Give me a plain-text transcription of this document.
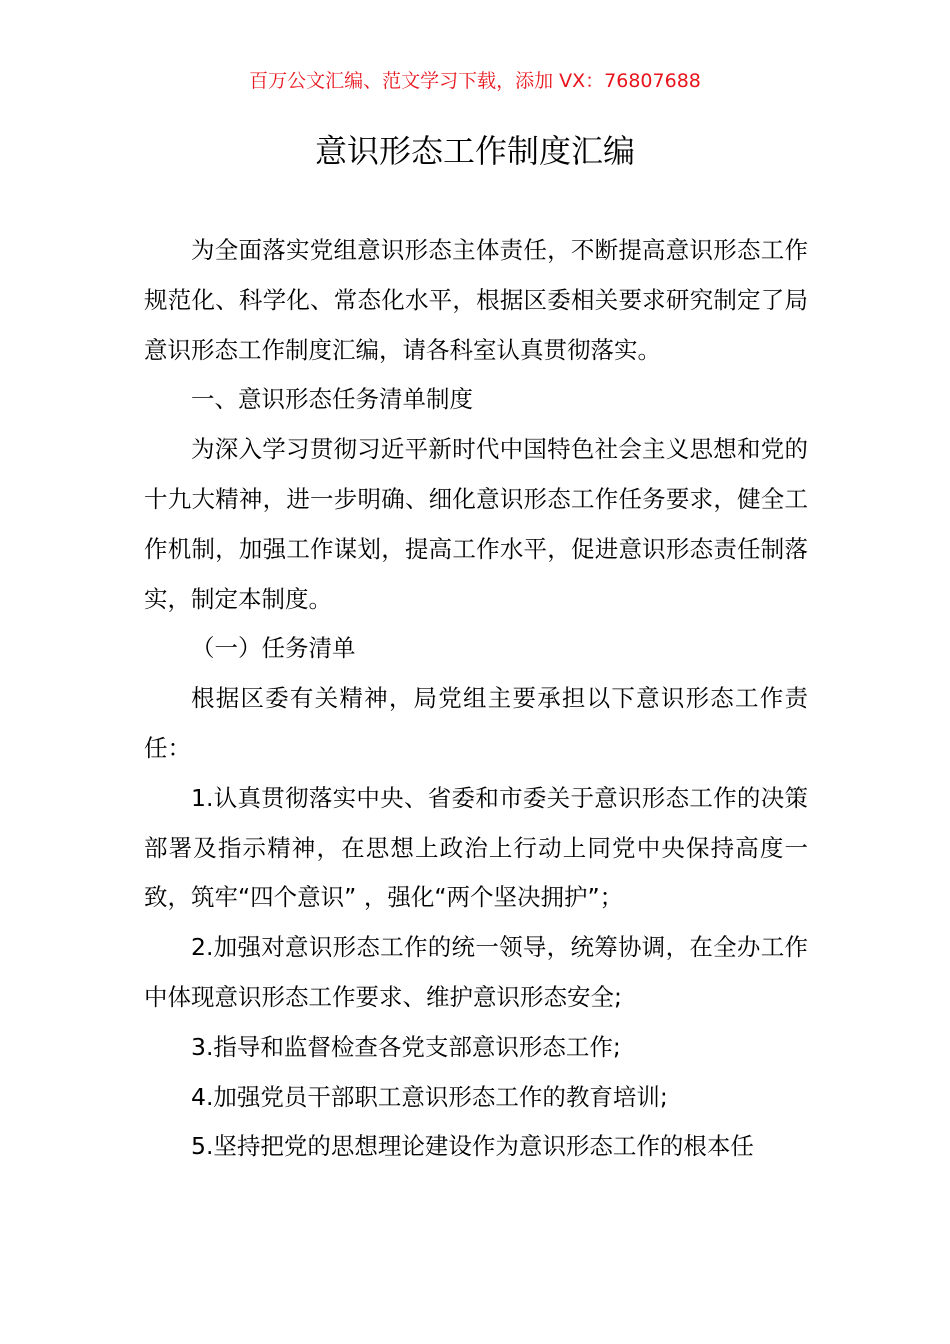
百万公文汇编、范文学习下载，添加 VX：76807688
意识形态工作制度汇编

为全面落实党组意识形态主体责任，不断提高意识形态工作规范化、科学化、常态化水平，根据区委相关要求研究制定了局意识形态工作制度汇编，请各科室认真贯彻落实。

一、意识形态任务清单制度

为深入学习贯彻习近平新时代中国特色社会主义思想和党的十九大精神，进一步明确、细化意识形态工作任务要求，健全工作机制，加强工作谋划，提高工作水平，促进意识形态责任制落实，制定本制度。

（一）任务清单

根据区委有关精神，局党组主要承担以下意识形态工作责任：

1.认真贯彻落实中央、省委和市委关于意识形态工作的决策部署及指示精神，在思想上政治上行动上同党中央保持高度一致，筑牢“四个意识” ，强化“两个坚决拥护”；

2.加强对意识形态工作的统一领导，统筹协调，在全办工作中体现意识形态工作要求、维护意识形态安全;

3.指导和监督检查各党支部意识形态工作;

4.加强党员干部职工意识形态工作的教育培训;

5.坚持把党的思想理论建设作为意识形态工作的根本任
